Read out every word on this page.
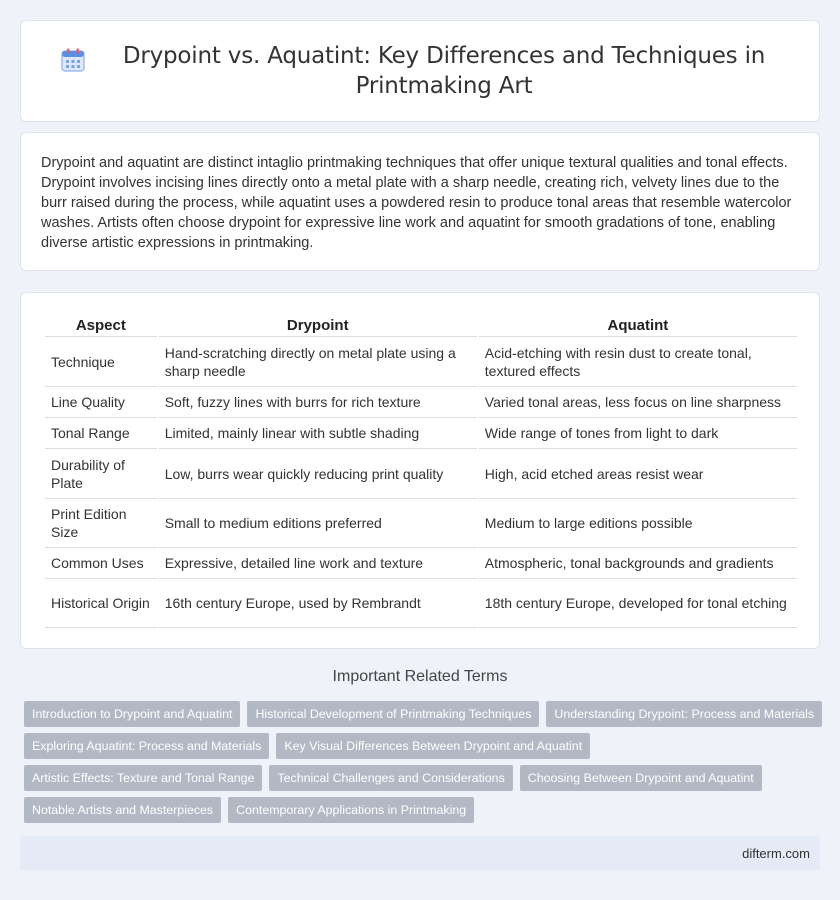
Drypoint vs. Aquatint: Key Differences and Techniques in Printmaking Art

Drypoint and aquatint are distinct intaglio printmaking techniques that offer unique textural qualities and tonal effects. Drypoint involves incising lines directly onto a metal plate with a sharp needle, creating rich, velvety lines due to the burr raised during the process, while aquatint uses a powdered resin to produce tonal areas that resemble watercolor washes. Artists often choose drypoint for expressive line work and aquatint for smooth gradations of tone, enabling diverse artistic expressions in printmaking.

Aspect	Drypoint	Aquatint
Technique	Hand-scratching directly on metal plate using a sharp needle	Acid-etching with resin dust to create tonal, textured effects
Line Quality	Soft, fuzzy lines with burrs for rich texture	Varied tonal areas, less focus on line sharpness
Tonal Range	Limited, mainly linear with subtle shading	Wide range of tones from light to dark
Durability of Plate	Low, burrs wear quickly reducing print quality	High, acid etched areas resist wear
Print Edition Size	Small to medium editions preferred	Medium to large editions possible
Common Uses	Expressive, detailed line work and texture	Atmospheric, tonal backgrounds and gradients
Historical Origin	16th century Europe, used by Rembrandt	18th century Europe, developed for tonal etching
Important Related Terms
Introduction to Drypoint and Aquatint	Historical Development of Printmaking Techniques	Understanding Drypoint: Process and Materials
Exploring Aquatint: Process and Materials	Key Visual Differences Between Drypoint and Aquatint
Artistic Effects: Texture and Tonal Range	Technical Challenges and Considerations	Choosing Between Drypoint and Aquatint
Notable Artists and Masterpieces	Contemporary Applications in Printmaking
difterm.com
